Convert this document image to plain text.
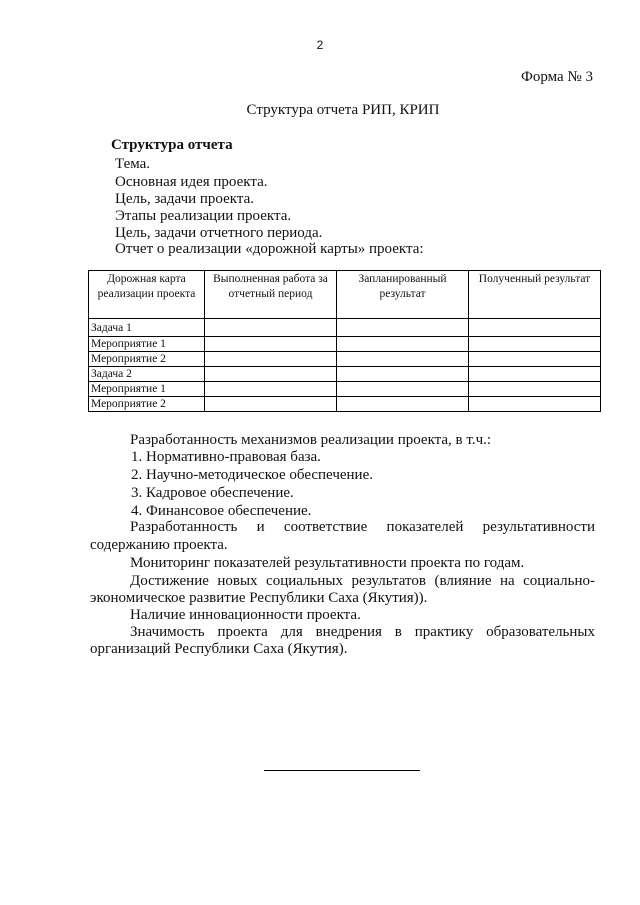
2
Форма № 3
Структура отчета РИП, КРИП
Структура отчета
Тема.
Основная идея проекта.
Цель, задачи проекта.
Этапы реализации проекта.
Цель, задачи отчетного периода.
Отчет о реализации «дорожной карты» проекта:
Дорожная карта реализации проекта	Выполненная работа за отчетный период	Запланированный результат	Полученный результат
Задача 1			
Мероприятие 1			
Мероприятие 2			
Задача 2			
Мероприятие 1			
Мероприятие 2			
Разработанность механизмов реализации проекта, в т.ч.:
1. Нормативно-правовая база.
2. Научно-методическое обеспечение.
3. Кадровое обеспечение.
4. Финансовое обеспечение.
Разработанность и соответствие показателей результативности
содержанию проекта.
Мониторинг показателей результативности проекта по годам.
Достижение новых социальных результатов (влияние на социально-
экономическое развитие Республики Саха (Якутия)).
Наличие инновационности проекта.
Значимость проекта для внедрения в практику образовательных
организаций Республики Саха (Якутия).
